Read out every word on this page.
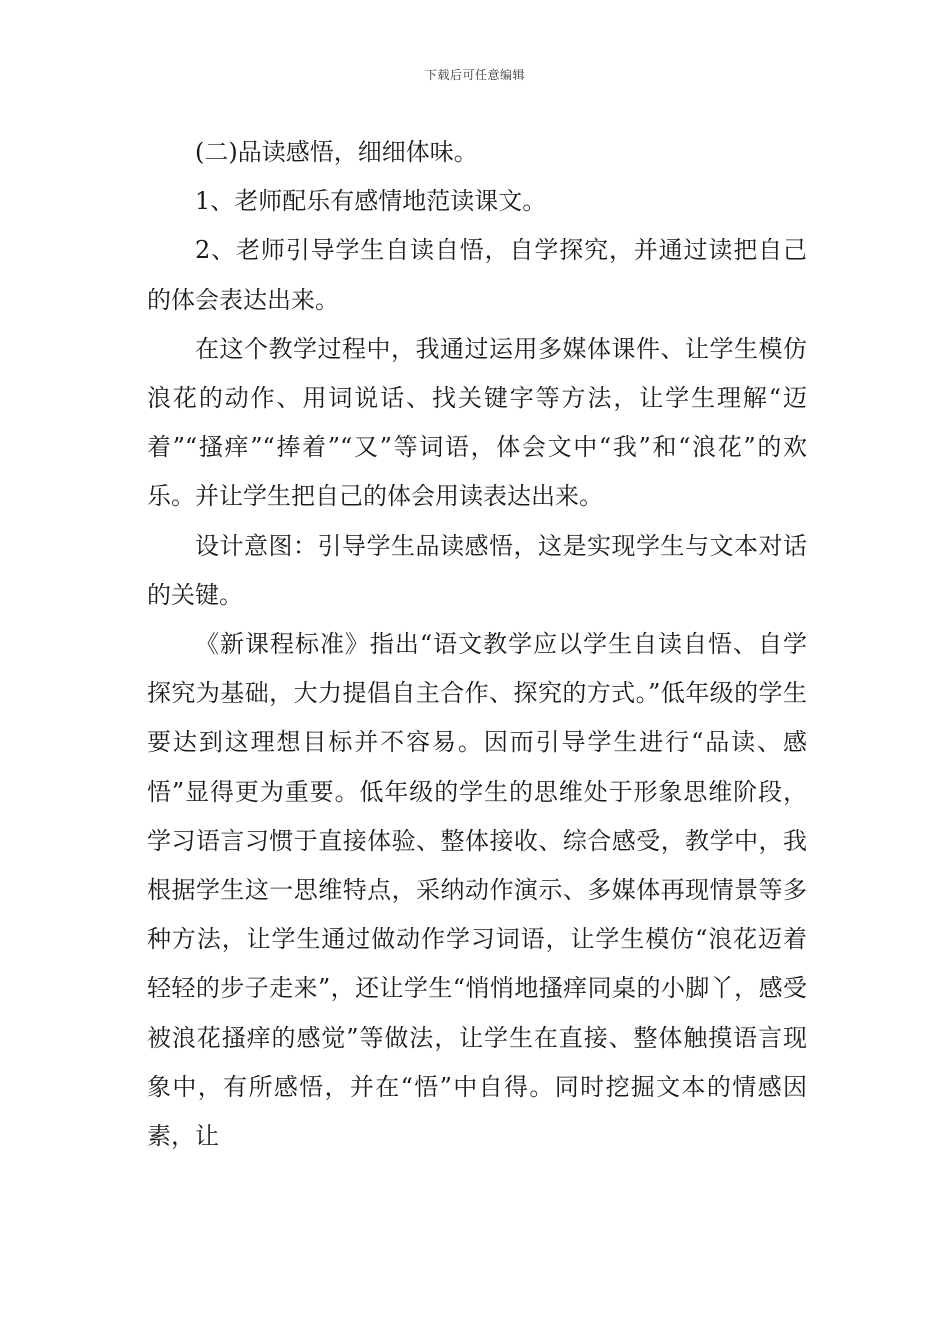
下载后可任意编辑

(二)品读感悟，细细体味。

1、老师配乐有感情地范读课文。

2、老师引导学生自读自悟，自学探究，并通过读把自己的体会表达出来。

在这个教学过程中，我通过运用多媒体课件、让学生模仿浪花的动作、用词说话、找关键字等方法，让学生理解“迈着”“搔痒”“捧着”“又”等词语，体会文中“我”和“浪花”的欢乐。并让学生把自己的体会用读表达出来。

设计意图：引导学生品读感悟，这是实现学生与文本对话的关键。

《新课程标准》指出“语文教学应以学生自读自悟、自学探究为基础，大力提倡自主合作、探究的方式。”低年级的学生要达到这理想目标并不容易。因而引导学生进行“品读、感悟”显得更为重要。低年级的学生的思维处于形象思维阶段，学习语言习惯于直接体验、整体接收、综合感受，教学中，我根据学生这一思维特点，采纳动作演示、多媒体再现情景等多种方法，让学生通过做动作学习词语，让学生模仿“浪花迈着轻轻的步子走来”，还让学生“悄悄地搔痒同桌的小脚丫，感受被浪花搔痒的感觉”等做法，让学生在直接、整体触摸语言现象中，有所感悟，并在“悟”中自得。同时挖掘文本的情感因素，让
